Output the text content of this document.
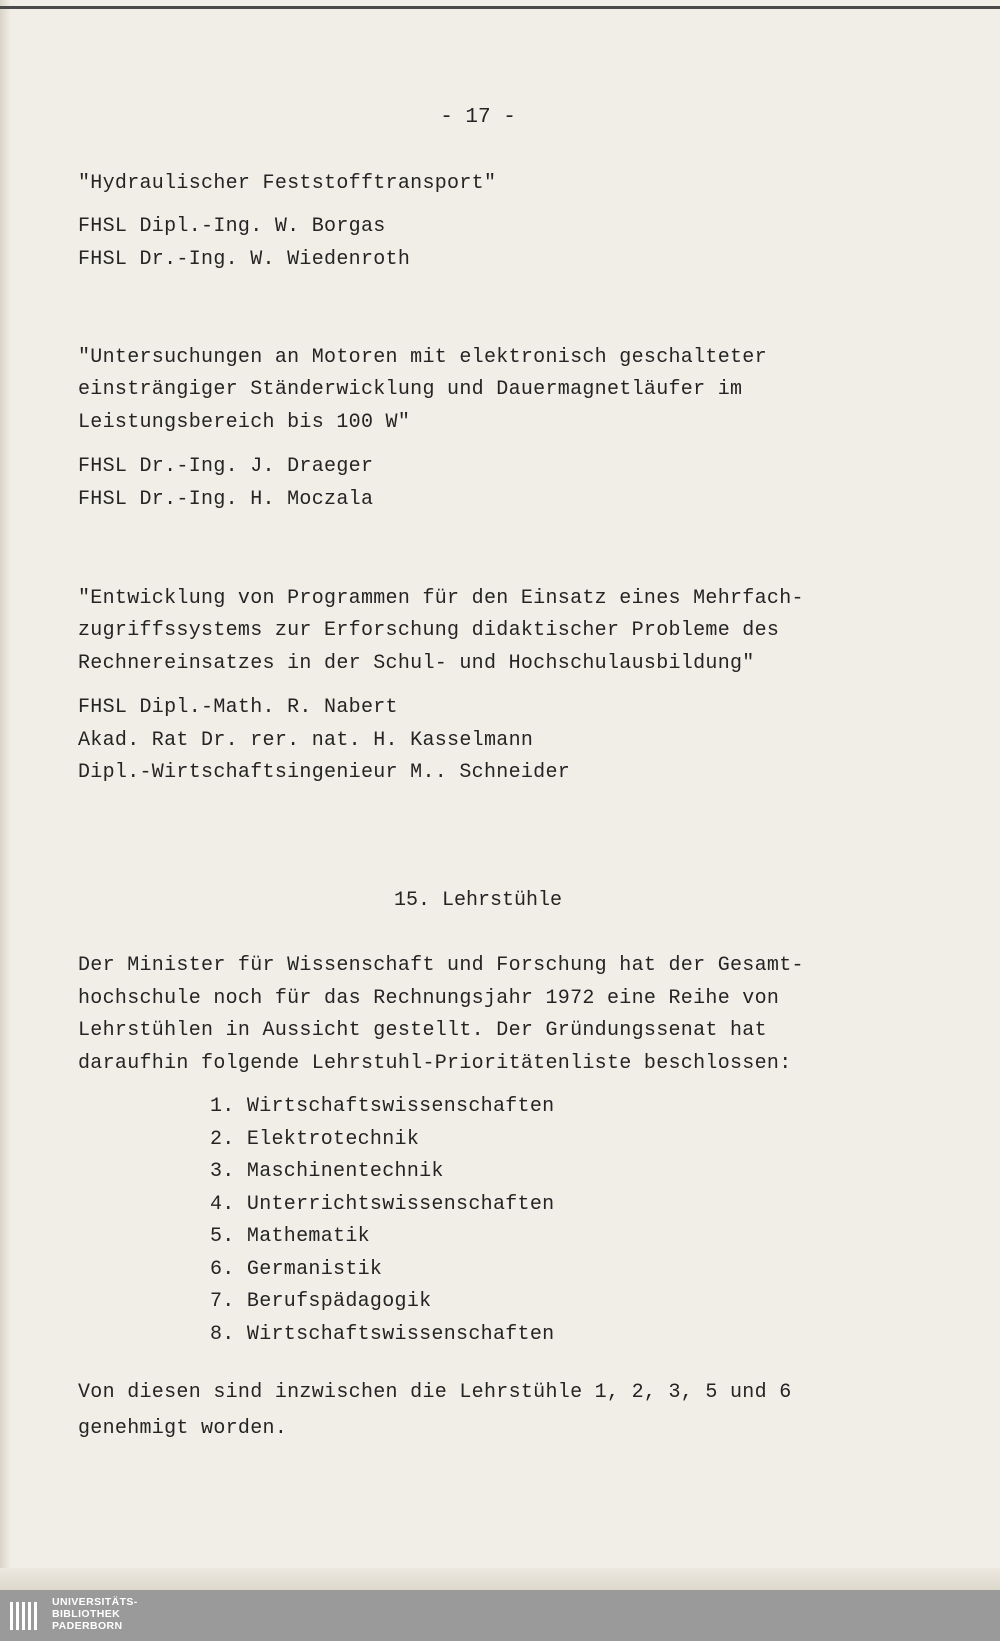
- 17 -
"Hydraulischer Feststofftransport"
FHSL Dipl.-Ing. W. Borgas
FHSL Dr.-Ing. W. Wiedenroth
"Untersuchungen an Motoren mit elektronisch geschalteter
einsträngiger Ständerwicklung und Dauermagnetläufer im
Leistungsbereich bis 100 W"
FHSL Dr.-Ing. J. Draeger
FHSL Dr.-Ing. H. Moczala
"Entwicklung von Programmen für den Einsatz eines Mehrfach-
zugriffssystems zur Erforschung didaktischer Probleme des
Rechnereinsatzes in der Schul- und Hochschulausbildung"
FHSL Dipl.-Math. R. Nabert
Akad. Rat Dr. rer. nat. H. Kasselmann
Dipl.-Wirtschaftsingenieur M.. Schneider
15. Lehrstühle
Der Minister für Wissenschaft und Forschung hat der Gesamt-
hochschule noch für das Rechnungsjahr 1972 eine Reihe von
Lehrstühlen in Aussicht gestellt. Der Gründungssenat hat
daraufhin folgende Lehrstuhl-Prioritätenliste beschlossen:
1. Wirtschaftswissenschaften
2. Elektrotechnik
3. Maschinentechnik
4. Unterrichtswissenschaften
5. Mathematik
6. Germanistik
7. Berufspädagogik
8. Wirtschaftswissenschaften
Von diesen sind inzwischen die Lehrstühle 1, 2, 3, 5 und 6
genehmigt worden.
UNIVERSITÄTS-
BIBLIOTHEK
PADERBORN
